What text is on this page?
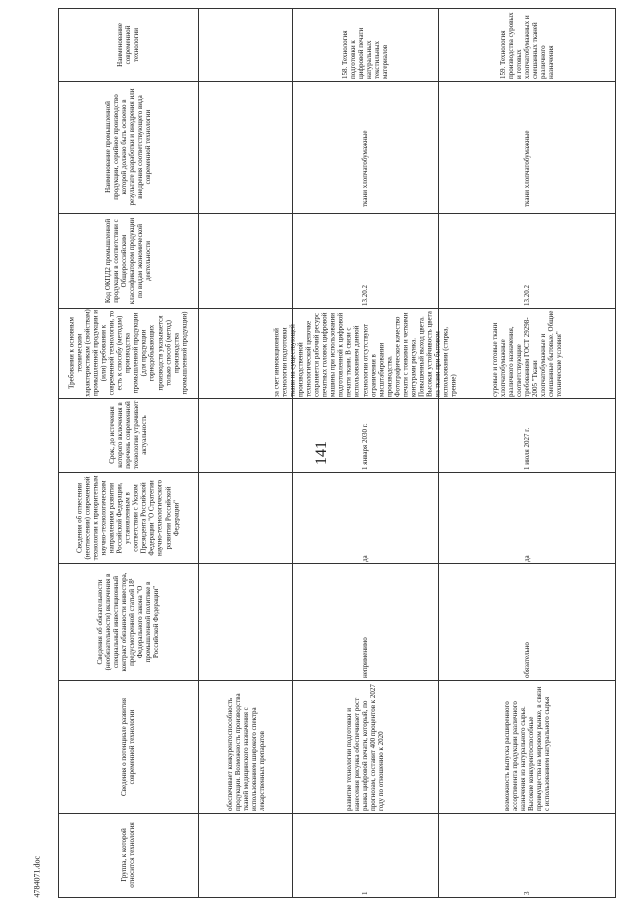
141
4784071.doc
Наименование современной технологии
Наименование промышленной продукции, серийное производство которой должно быть освоено в результате разработки и внедрения или внедрения соответствующего вида современной технологии
Код ОКПД2 промышленной продукции в соответствии с Общероссийским классификатором продукции по видам экономической деятельности
Требования к основным техническим характеристикам (свойствам) промышленной продукции и (или) требования к современной технологии, то есть к способу (методам) производства промышленной продукции (для продукции горнодобывающих производств указывается только способ (метод) производства промышленной продукции)
Срок, до истечения которого включения в перечень современной технологии утрачивает актуальность
Сведения об отнесении (неотнесении) современной технологии к приоритетным научно-технологическим направлениям развития Российской Федерации, установленным в соответствии с Указом Президента Российской Федерации "О Стратегии научно-технологического развития Российской Федерации"
Сведения об обязательности (необязательности) включения в специальный инвестиционный контракт обязанности инвестора, предусмотренной статьей 18¹ Федерального закона "О промышленной политике в Российской Федерации"
Сведения о потенциале развития современной технологии
Группа, к которой относится технология
обеспечивает конкурентоспособность продукции. Возможность производства тканей медицинского назначения с использованием широкого спектра лекарственных препаратов
158. Технология подготовки к цифровой печати натуральных текстильных материалов
ткани хлопчатобумажные
13.20.2
за счет инновационной технологии подготовки ткани на существующей производственной технологической цепочке сохраняется рабочий ресурс печатных головок цифровой машины при использовании подготовленной к цифровой печати ткани. В связи с использованием данной технологии отсутствуют ограничения в масштабировании производства. Фотографическое качество печати с тонкими и четкими контурами рисунка. Повышенный выход цвета. Высокая устойчивость цвета на ткани при бытовом использовании (стирка, трение)
1 января 2030 г.
да
неприменимо
развитие технологии подготовки и нанесения рисунка обеспечивает рост рынка цифровой печати, который, по прогнозам, составит 400 процентов к 2027 году по отношению к 2020
1
159. Технология производства суровых и готовых хлопчатобумажных и смешанных тканей различного назначения
ткани хлопчатобумажные
13.20.2
суровые и готовые ткани хлопчатобумажные различного назначения, соответствующие требованиям ГОСТ 29298-2005 "Ткани хлопчатобумажные и смешанные бытовые. Общие технические условия"
1 июля 2027 г.
да
обязательно
возможность выпуска расширенного ассортимента продукции различного назначения из натурального сырья. Высокие конкурентоспособные преимущества на мировом рынке, в связи с использованием натурального сырья
3
